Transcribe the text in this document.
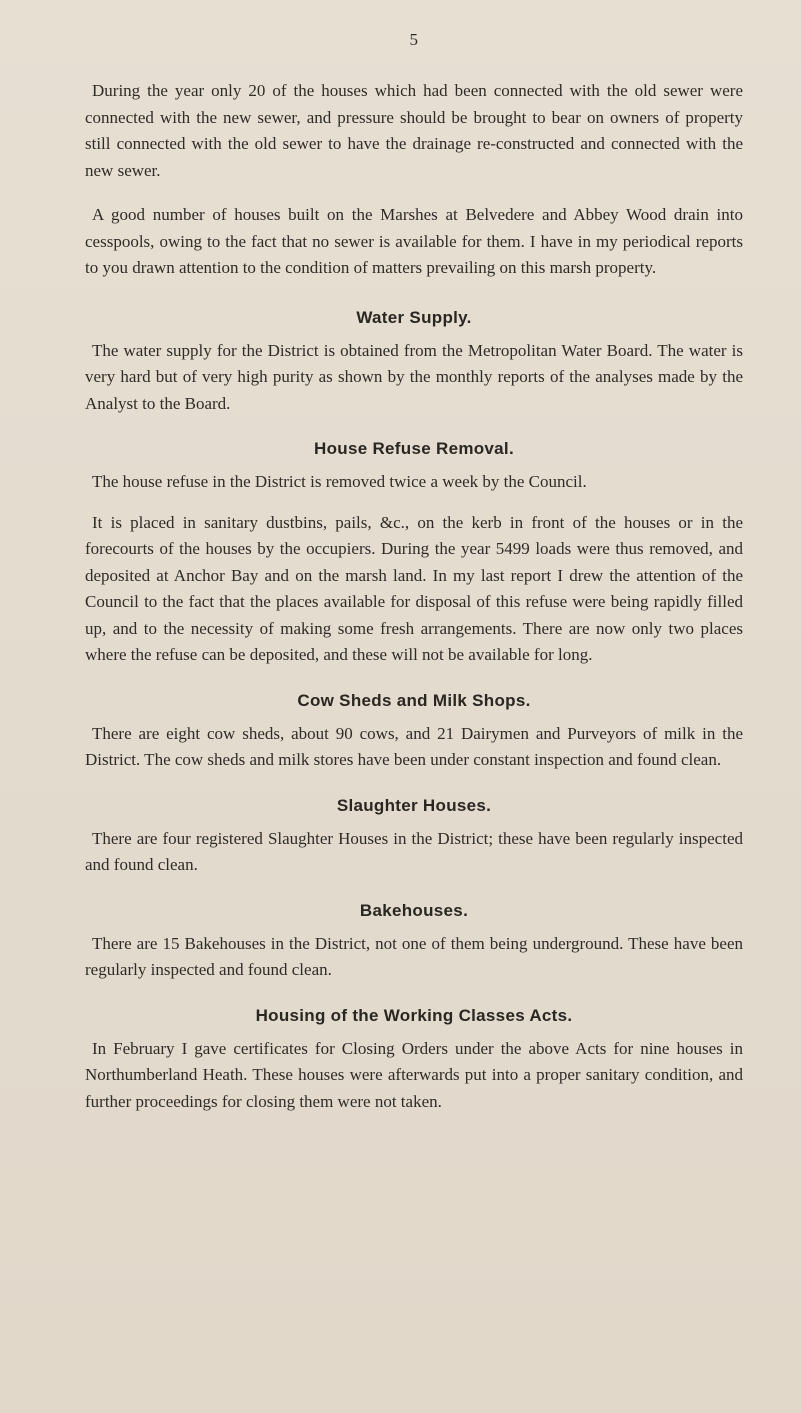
5

During the year only 20 of the houses which had been connected with the old sewer were connected with the new sewer, and pressure should be brought to bear on owners of property still connected with the old sewer to have the drainage re-constructed and connected with the new sewer.

A good number of houses built on the Marshes at Belvedere and Abbey Wood drain into cesspools, owing to the fact that no sewer is available for them. I have in my periodical reports to you drawn attention to the condition of matters prevailing on this marsh property.

Water Supply.

The water supply for the District is obtained from the Metropolitan Water Board. The water is very hard but of very high purity as shown by the monthly reports of the analyses made by the Analyst to the Board.

House Refuse Removal.

The house refuse in the District is removed twice a week by the Council.

It is placed in sanitary dustbins, pails, &c., on the kerb in front of the houses or in the forecourts of the houses by the occupiers. During the year 5499 loads were thus removed, and deposited at Anchor Bay and on the marsh land. In my last report I drew the attention of the Council to the fact that the places available for disposal of this refuse were being rapidly filled up, and to the necessity of making some fresh arrangements. There are now only two places where the refuse can be deposited, and these will not be available for long.

Cow Sheds and Milk Shops.

There are eight cow sheds, about 90 cows, and 21 Dairymen and Purveyors of milk in the District. The cow sheds and milk stores have been under constant inspection and found clean.

Slaughter Houses.

There are four registered Slaughter Houses in the District; these have been regularly inspected and found clean.

Bakehouses.

There are 15 Bakehouses in the District, not one of them being underground. These have been regularly inspected and found clean.

Housing of the Working Classes Acts.

In February I gave certificates for Closing Orders under the above Acts for nine houses in Northumberland Heath. These houses were afterwards put into a proper sanitary condition, and further proceedings for closing them were not taken.
